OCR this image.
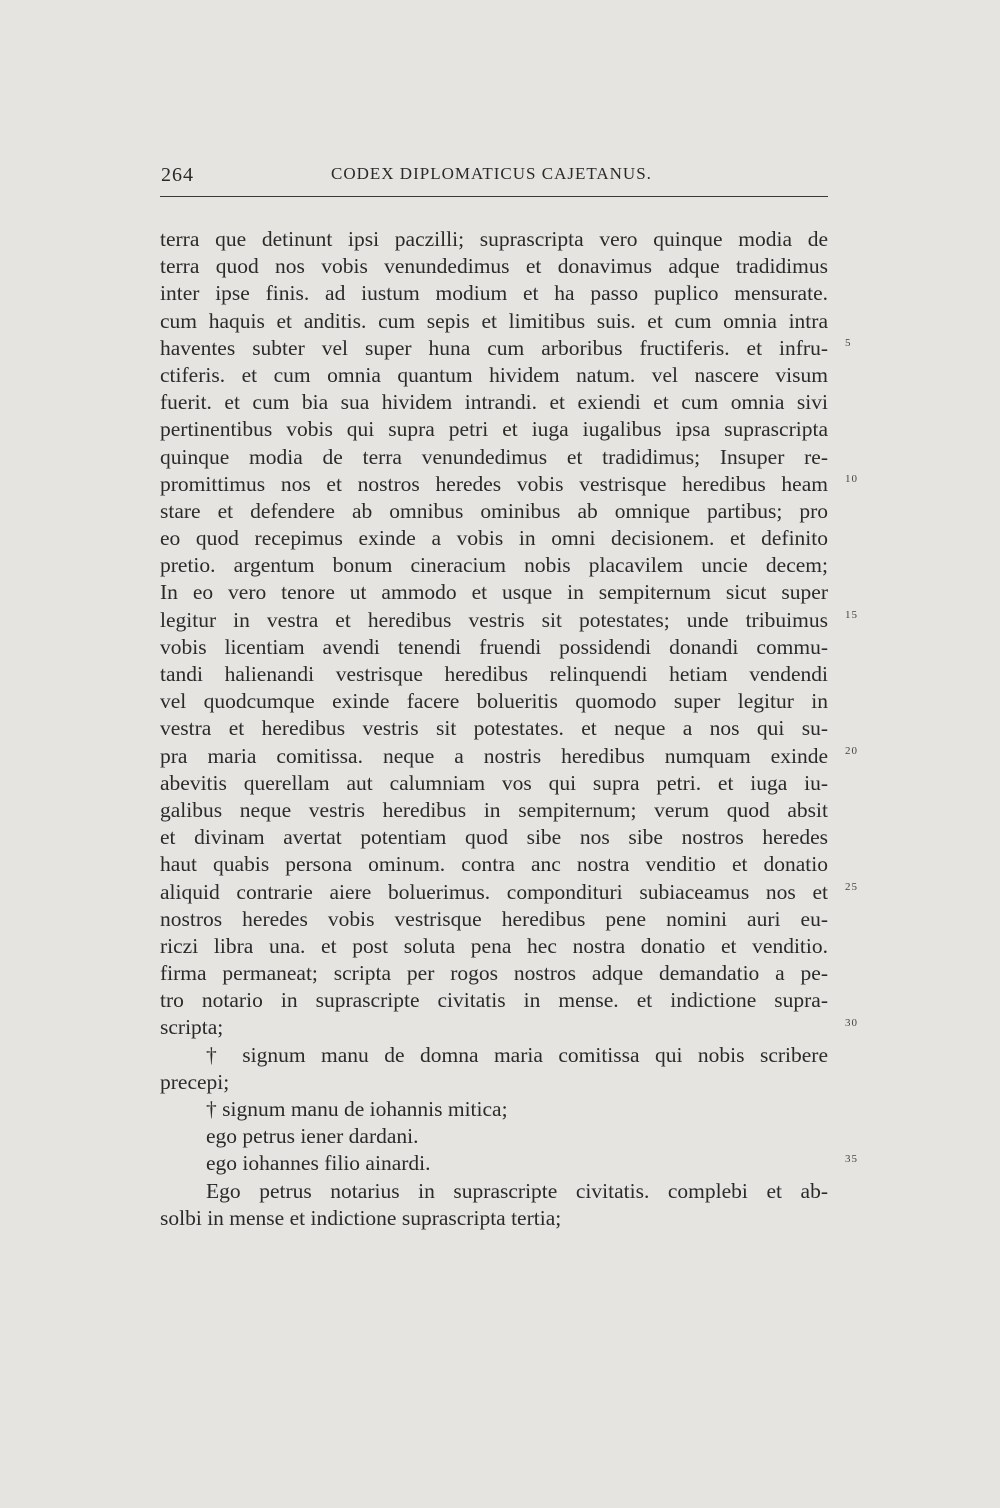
264	CODEX DIPLOMATICUS CAJETANUS.
terra que detinunt ipsi paczilli; suprascripta vero quinque modia de
terra quod nos vobis venundedimus et donavimus adque tradidimus
inter ipse finis. ad iustum modium et ha passo puplico mensurate.
cum haquis et anditis. cum sepis et limitibus suis. et cum omnia intra
haventes subter vel super huna cum arboribus fructiferis. et infru-
ctiferis. et cum omnia quantum hividem natum. vel nascere visum
fuerit. et cum bia sua hividem intrandi. et exiendi et cum omnia sivi
pertinentibus vobis qui supra petri et iuga iugalibus ipsa suprascripta
quinque modia de terra venundedimus et tradidimus; Insuper re-
promittimus nos et nostros heredes vobis vestrisque heredibus heam
stare et defendere ab omnibus ominibus ab omnique partibus; pro
eo quod recepimus exinde a vobis in omni decisionem. et definito
pretio. argentum bonum cineracium nobis placavilem uncie decem;
In eo vero tenore ut ammodo et usque in sempiternum sicut super
legitur in vestra et heredibus vestris sit potestates; unde tribuimus
vobis licentiam avendi tenendi fruendi possidendi donandi commu-
tandi halienandi vestrisque heredibus relinquendi hetiam vendendi
vel quodcumque exinde facere bolueritis quomodo super legitur in
vestra et heredibus vestris sit potestates. et neque a nos qui su-
pra maria comitissa. neque a nostris heredibus numquam exinde
abevitis querellam aut calumniam vos qui supra petri. et iuga iu-
galibus neque vestris heredibus in sempiternum; verum quod absit
et divinam avertat potentiam quod sibe nos sibe nostros heredes
haut quabis persona ominum. contra anc nostra venditio et donatio
aliquid contrarie aiere boluerimus. compondituri subiaceamus nos et
nostros heredes vobis vestrisque heredibus pene nomini auri eu-
riczi libra una. et post soluta pena hec nostra donatio et venditio.
firma permaneat; scripta per rogos nostros adque demandatio a pe-
tro notario in suprascripte civitatis in mense. et indictione supra-
scripta;
† signum manu de domna maria comitissa qui nobis scribere
precepi;
† signum manu de iohannis mitica;
ego petrus iener dardani.
ego iohannes filio ainardi.
Ego petrus notarius in suprascripte civitatis. complebi et ab-
solbi in mense et indictione suprascripta tertia;
5
10
15
20
25
30
35
